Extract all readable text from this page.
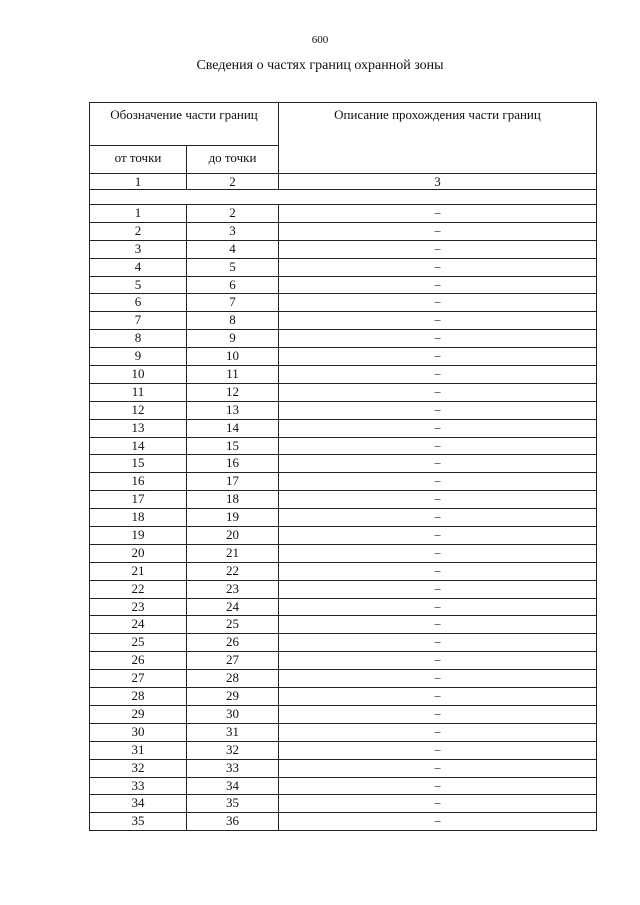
600
Сведения о частях границ охранной зоны
Обозначение части границ		Описание прохождения части границ
от точки	до точки	
1	2	3

1	2	–
2	3	–
3	4	–
4	5	–
5	6	–
6	7	–
7	8	–
8	9	–
9	10	–
10	11	–
11	12	–
12	13	–
13	14	–
14	15	–
15	16	–
16	17	–
17	18	–
18	19	–
19	20	–
20	21	–
21	22	–
22	23	–
23	24	–
24	25	–
25	26	–
26	27	–
27	28	–
28	29	–
29	30	–
30	31	–
31	32	–
32	33	–
33	34	–
34	35	–
35	36	–
